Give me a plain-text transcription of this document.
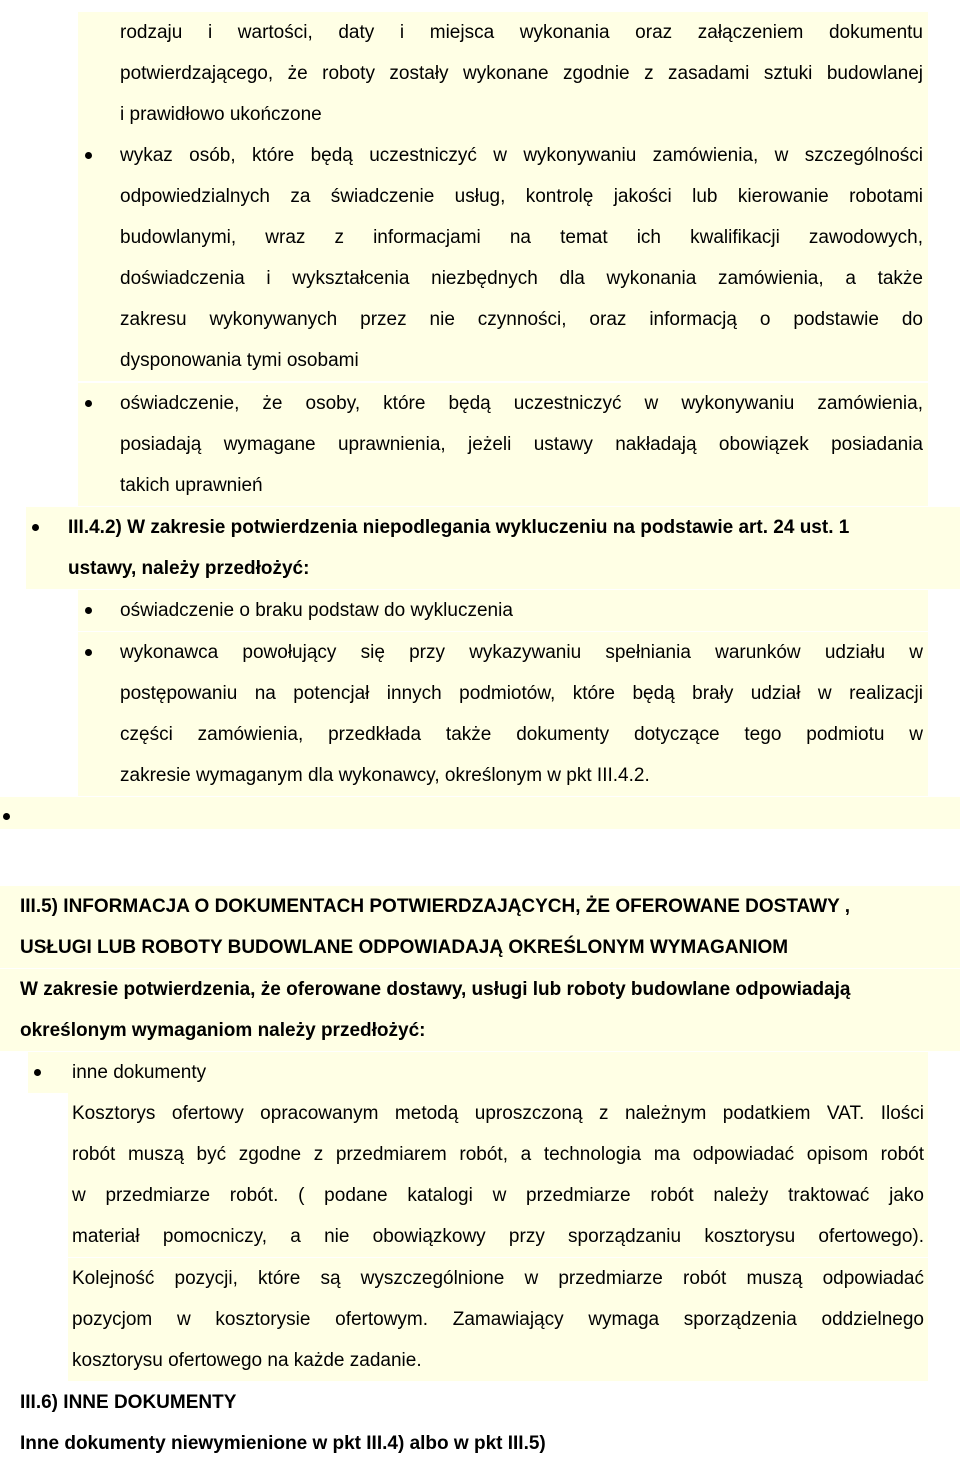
rodzaju i wartości, daty i miejsca wykonania oraz załączeniem dokumentu
potwierdzającego, że roboty zostały wykonane zgodnie z zasadami sztuki budowlanej
i prawidłowo ukończone
wykaz osób, które będą uczestniczyć w wykonywaniu zamówienia, w szczególności
odpowiedzialnych za świadczenie usług, kontrolę jakości lub kierowanie robotami
budowlanymi, wraz z informacjami na temat ich kwalifikacji zawodowych,
doświadczenia i wykształcenia niezbędnych dla wykonania zamówienia, a także
zakresu wykonywanych przez nie czynności, oraz informacją o podstawie do
dysponowania tymi osobami
oświadczenie, że osoby, które będą uczestniczyć w wykonywaniu zamówienia,
posiadają wymagane uprawnienia, jeżeli ustawy nakładają obowiązek posiadania
takich uprawnień
III.4.2) W zakresie potwierdzenia niepodlegania wykluczeniu na podstawie art. 24 ust. 1
ustawy, należy przedłożyć:
oświadczenie o braku podstaw do wykluczenia
wykonawca powołujący się przy wykazywaniu spełniania warunków udziału w
postępowaniu na potencjał innych podmiotów, które będą brały udział w realizacji
części zamówienia, przedkłada także dokumenty dotyczące tego podmiotu w
zakresie wymaganym dla wykonawcy, określonym w pkt III.4.2.
III.5) INFORMACJA O DOKUMENTACH POTWIERDZAJĄCYCH, ŻE OFEROWANE DOSTAWY ,
USŁUGI LUB ROBOTY BUDOWLANE ODPOWIADAJĄ OKREŚLONYM WYMAGANIOM
W zakresie potwierdzenia, że oferowane dostawy, usługi lub roboty budowlane odpowiadają
określonym wymaganiom należy przedłożyć:
inne dokumenty
Kosztorys ofertowy opracowanym metodą uproszczoną z należnym podatkiem VAT. Ilości
robót muszą być zgodne z przedmiarem robót, a technologia ma odpowiadać opisom robót
w przedmiarze robót. ( podane katalogi w przedmiarze robót należy traktować jako
materiał pomocniczy, a nie obowiązkowy przy sporządzaniu kosztorysu ofertowego).
Kolejność pozycji, które są wyszczególnione w przedmiarze robót muszą odpowiadać
pozycjom w kosztorysie ofertowym. Zamawiający wymaga sporządzenia oddzielnego
kosztorysu ofertowego na każde zadanie.
III.6) INNE DOKUMENTY
Inne dokumenty niewymienione w pkt III.4) albo w pkt III.5)
